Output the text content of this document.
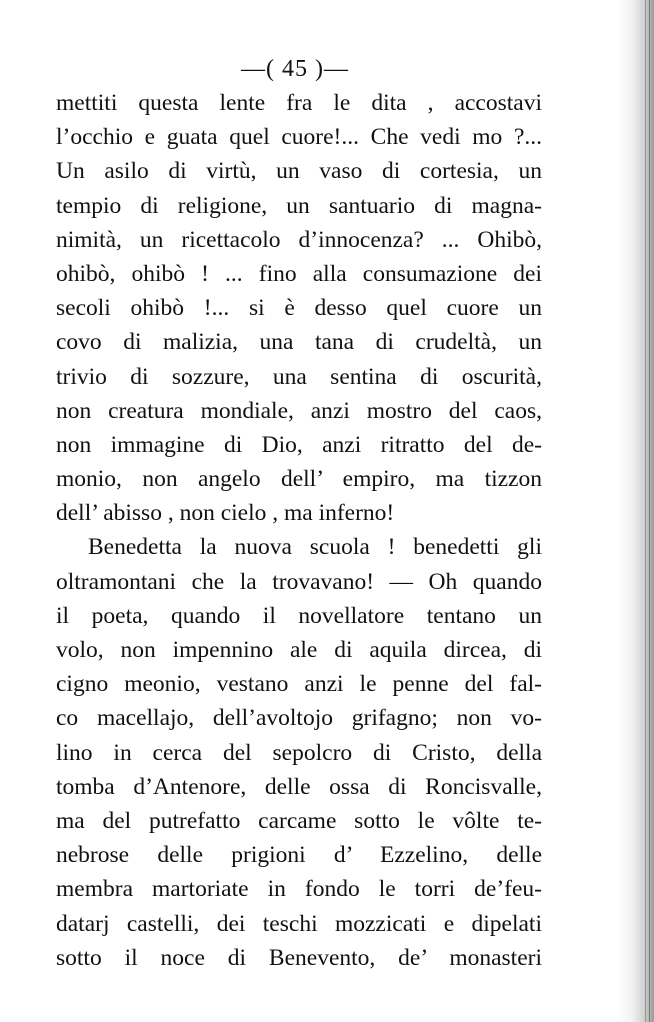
—( 45 )—
mettiti questa lente fra le dita , accostavi
l’occhio e guata quel cuore!... Che vedi mo ?...
Un asilo di virtù, un vaso di cortesia, un
tempio di religione, un santuario di magna-
nimità, un ricettacolo d’innocenza? ... Ohibò,
ohibò, ohibò ! ... fino alla consumazione dei
secoli ohibò !... si è desso quel cuore un
covo di malizia, una tana di crudeltà, un
trivio di sozzure, una sentina di oscurità,
non creatura mondiale, anzi mostro del caos,
non immagine di Dio, anzi ritratto del de-
monio, non angelo dell’ empiro, ma tizzon
dell’ abisso , non cielo , ma inferno!
Benedetta la nuova scuola ! benedetti gli
oltramontani che la trovavano! — Oh quando
il poeta, quando il novellatore tentano un
volo, non impennino ale di aquila dircea, di
cigno meonio, vestano anzi le penne del fal-
co macellajo, dell’avoltojo grifagno; non vo-
lino in cerca del sepolcro di Cristo, della
tomba d’Antenore, delle ossa di Roncisvalle,
ma del putrefatto carcame sotto le vôlte te-
nebrose delle prigioni d’ Ezzelino, delle
membra martoriate in fondo le torri de’feu-
datarj castelli, dei teschi mozzicati e dipelati
sotto il noce di Benevento, de’ monasteri
